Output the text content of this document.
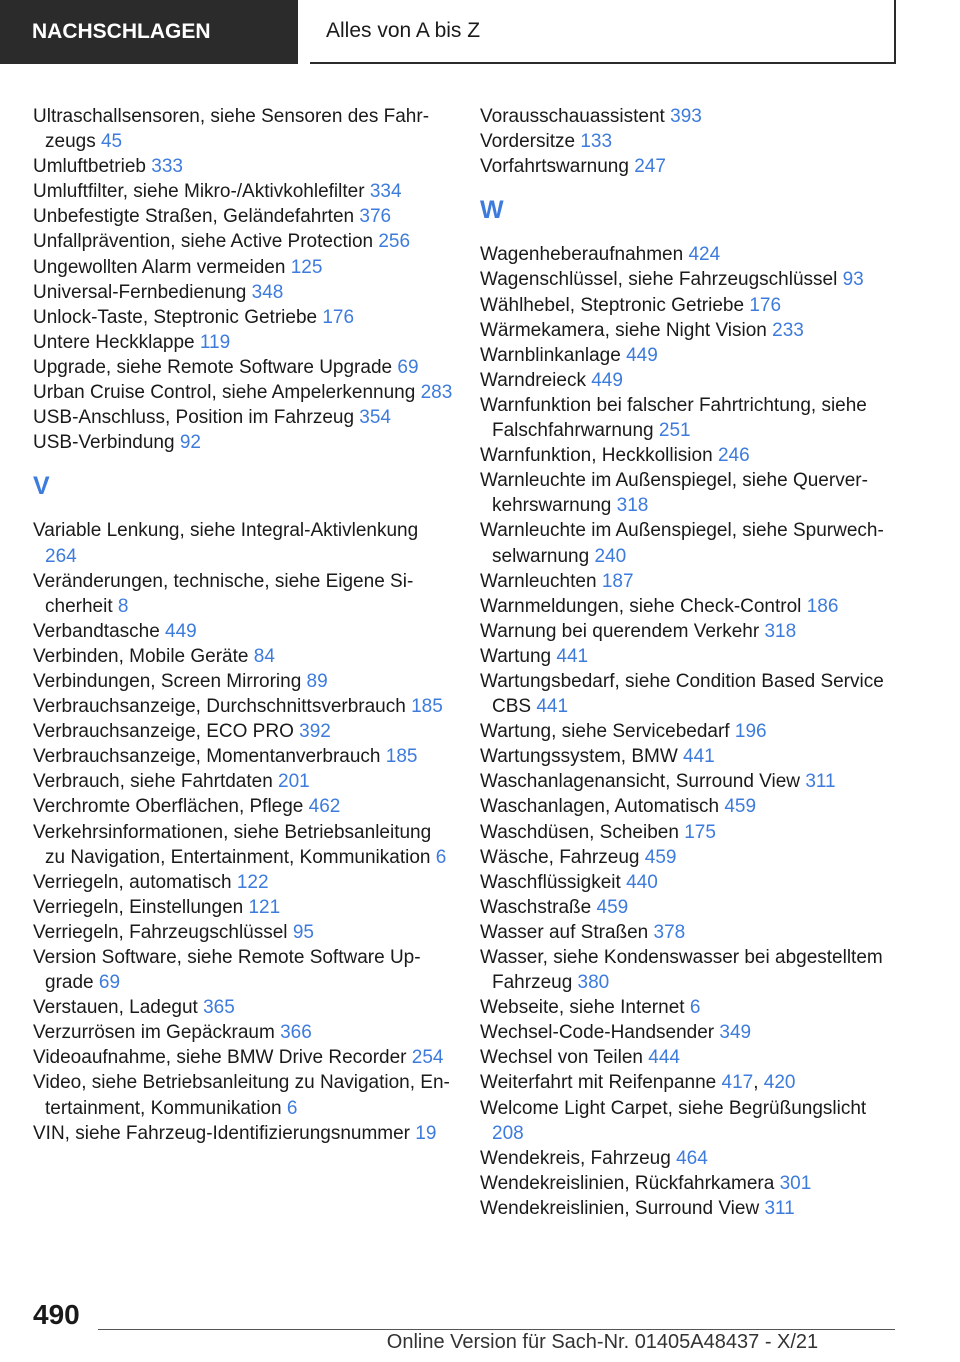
NACHSCHLAGEN	Alles von A bis Z

Ultraschallsensoren, siehe Sensoren des Fahrzeugs 45

Umluftbetrieb 333

Umluftfilter, siehe Mikro-/Aktivkohlefilter 334

Unbefestigte Straßen, Geländefahrten 376

Unfallprävention, siehe Active Protection 256

Ungewollten Alarm vermeiden 125

Universal-Fernbedienung 348

Unlock-Taste, Steptronic Getriebe 176

Untere Heckklappe 119

Upgrade, siehe Remote Software Upgrade 69

Urban Cruise Control, siehe Ampelerkennung 283

USB-Anschluss, Position im Fahrzeug 354

USB-Verbindung 92

V

Variable Lenkung, siehe Integral-Aktivlenkung 264

Veränderungen, technische, siehe Eigene Sicherheit 8

Verbandtasche 449

Verbinden, Mobile Geräte 84

Verbindungen, Screen Mirroring 89

Verbrauchsanzeige, Durchschnittsverbrauch 185

Verbrauchsanzeige, ECO PRO 392

Verbrauchsanzeige, Momentanverbrauch 185

Verbrauch, siehe Fahrtdaten 201

Verchromte Oberflächen, Pflege 462

Verkehrsinformationen, siehe Betriebsanleitung zu Navigation, Entertainment, Kommunikation 6

Verriegeln, automatisch 122

Verriegeln, Einstellungen 121

Verriegeln, Fahrzeugschlüssel 95

Version Software, siehe Remote Software Upgrade 69

Verstauen, Ladegut 365

Verzurrösen im Gepäckraum 366

Videoaufnahme, siehe BMW Drive Recorder 254

Video, siehe Betriebsanleitung zu Navigation, Entertainment, Kommunikation 6

VIN, siehe Fahrzeug-Identifizierungsnummer 19

Vorausschauassistent 393

Vordersitze 133

Vorfahrtswarnung 247

W

Wagenheberaufnahmen 424

Wagenschlüssel, siehe Fahrzeugschlüssel 93

Wählhebel, Steptronic Getriebe 176

Wärmekamera, siehe Night Vision 233

Warnblinkanlage 449

Warndreieck 449

Warnfunktion bei falscher Fahrtrichtung, siehe Falschfahrwarnung 251

Warnfunktion, Heckkollision 246

Warnleuchte im Außenspiegel, siehe Querverkehrswarnung 318

Warnleuchte im Außenspiegel, siehe Spurwechselwarnung 240

Warnleuchten 187

Warnmeldungen, siehe Check-Control 186

Warnung bei querendem Verkehr 318

Wartung 441

Wartungsbedarf, siehe Condition Based Service CBS 441

Wartung, siehe Servicebedarf 196

Wartungssystem, BMW 441

Waschanlagenansicht, Surround View 311

Waschanlagen, Automatisch 459

Waschdüsen, Scheiben 175

Wäsche, Fahrzeug 459

Waschflüssigkeit 440

Waschstraße 459

Wasser auf Straßen 378

Wasser, siehe Kondenswasser bei abgestelltem Fahrzeug 380

Webseite, siehe Internet 6

Wechsel-Code-Handsender 349

Wechsel von Teilen 444

Weiterfahrt mit Reifenpanne 417, 420

Welcome Light Carpet, siehe Begrüßungslicht 208

Wendekreis, Fahrzeug 464

Wendekreislinien, Rückfahrkamera 301

Wendekreislinien, Surround View 311

490
Online Version für Sach-Nr. 01405A48437 - X/21
